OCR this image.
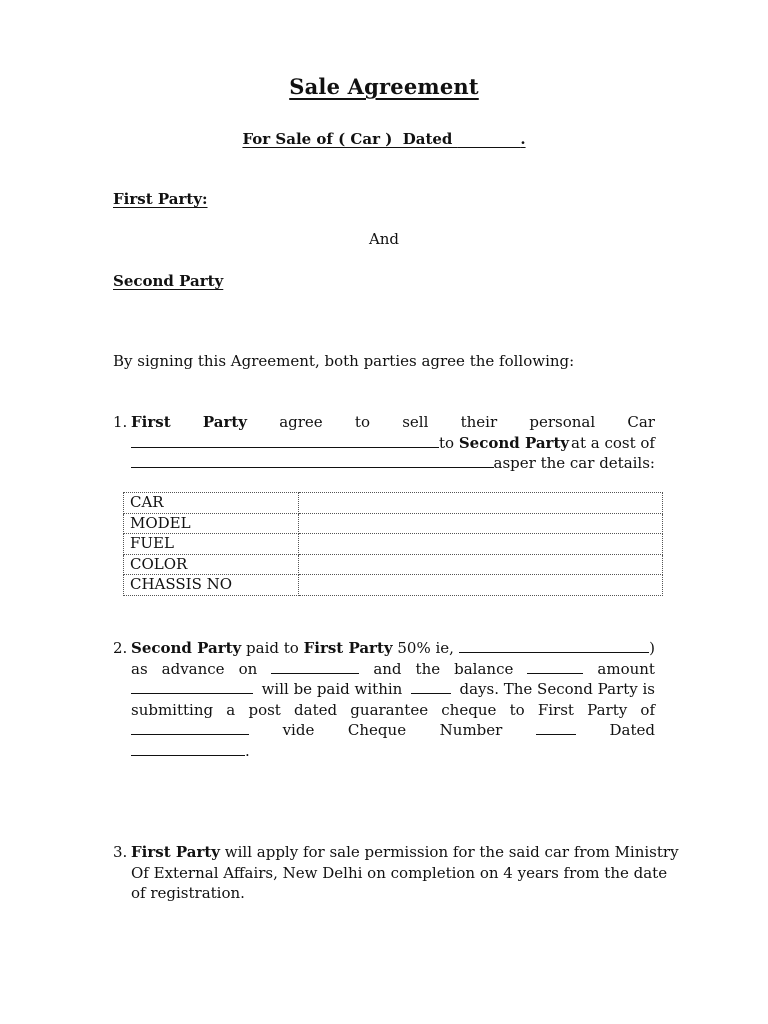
Sale Agreement
For Sale of ( Car )  Dated	.
First Party:
And
Second Party
By signing this Agreement, both parties agree the following:
1. First Party agree to sell their personal Car
to Second Party at a cost of
asper the car details:
CAR	
MODEL	
FUEL	
COLOR	
CHASSIS NO	
2. Second Party paid to First Party 50% ie,	)
as advance on	and the balance	amount
will be paid within	days. The Second Party is
submitting a post dated guarantee cheque to First Party of
vide Cheque Number	Dated
.
3. First Party will apply for sale permission for the said car from Ministry
Of External Affairs, New Delhi on completion on 4 years from the date
of registration.
